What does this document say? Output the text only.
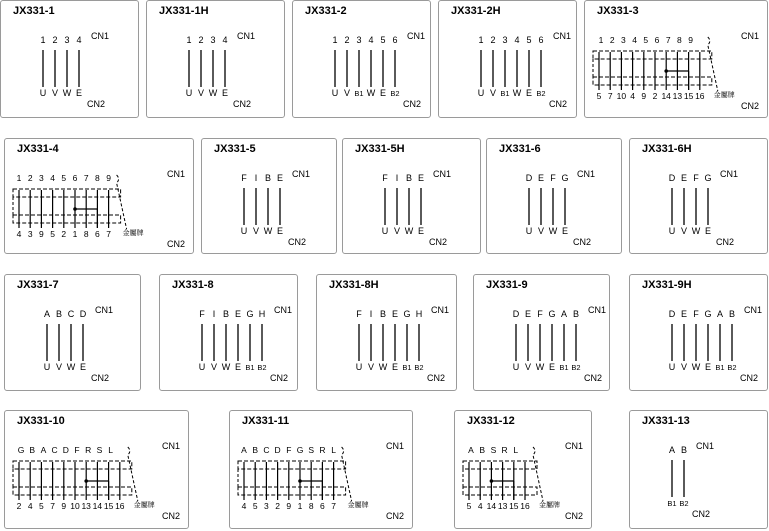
JX331-1
1
U
2
V
3
W
4
E
CN1
CN2
JX331-1H
1
U
2
V
3
W
4
E
CN1
CN2
JX331-2
1
U
2
V
3
B1
4
W
5
E
6
B2
CN1
CN2
JX331-2H
1
U
2
V
3
B1
4
W
5
E
6
B2
CN1
CN2
JX331-3
1 2 3 4 5 6 7 8 9
5 7 10 4 9 2 14 13 15 16 金屬牌
CN1
CN2
JX331-4
1 2 3 4 5 6 7 8 9
4 3 9 5 2 1 8 6 7 金屬牌
CN1
CN2
JX331-5
F
U
I
V
B
W
E
E
CN1
CN2
JX331-5H
F
U
I
V
B
W
E
E
CN1
CN2
JX331-6
D
U
E
V
F
W
G
E
CN1
CN2
JX331-6H
D
U
E
V
F
W
G
E
CN1
CN2
JX331-7
A
U
B
V
C
W
D
E
CN1
CN2
JX331-8
F
U
I
V
B
W
E
E
G
B1
H
B2
CN1
CN2
JX331-8H
F
U
I
V
B
W
E
E
G
B1
H
B2
CN1
CN2
JX331-9
D
U
E
V
F
W
G
E
A
B1
B
B2
CN1
CN2
JX331-9H
D
U
E
V
F
W
G
E
A
B1
B
B2
CN1
CN2
JX331-10
G B A C D F R S L
2 4 5 7 9 10 13 14 15 16 金屬牌
CN1
CN2
JX331-11
A B C D F G S R L
4 5 3 2 9 1 8 6 7 金屬牌
CN1
CN2
JX331-12
A B S R L
5 4 14 13 15 16 金屬牌
CN1
CN2
JX331-13
A
B1
B
B2
CN1
CN2
